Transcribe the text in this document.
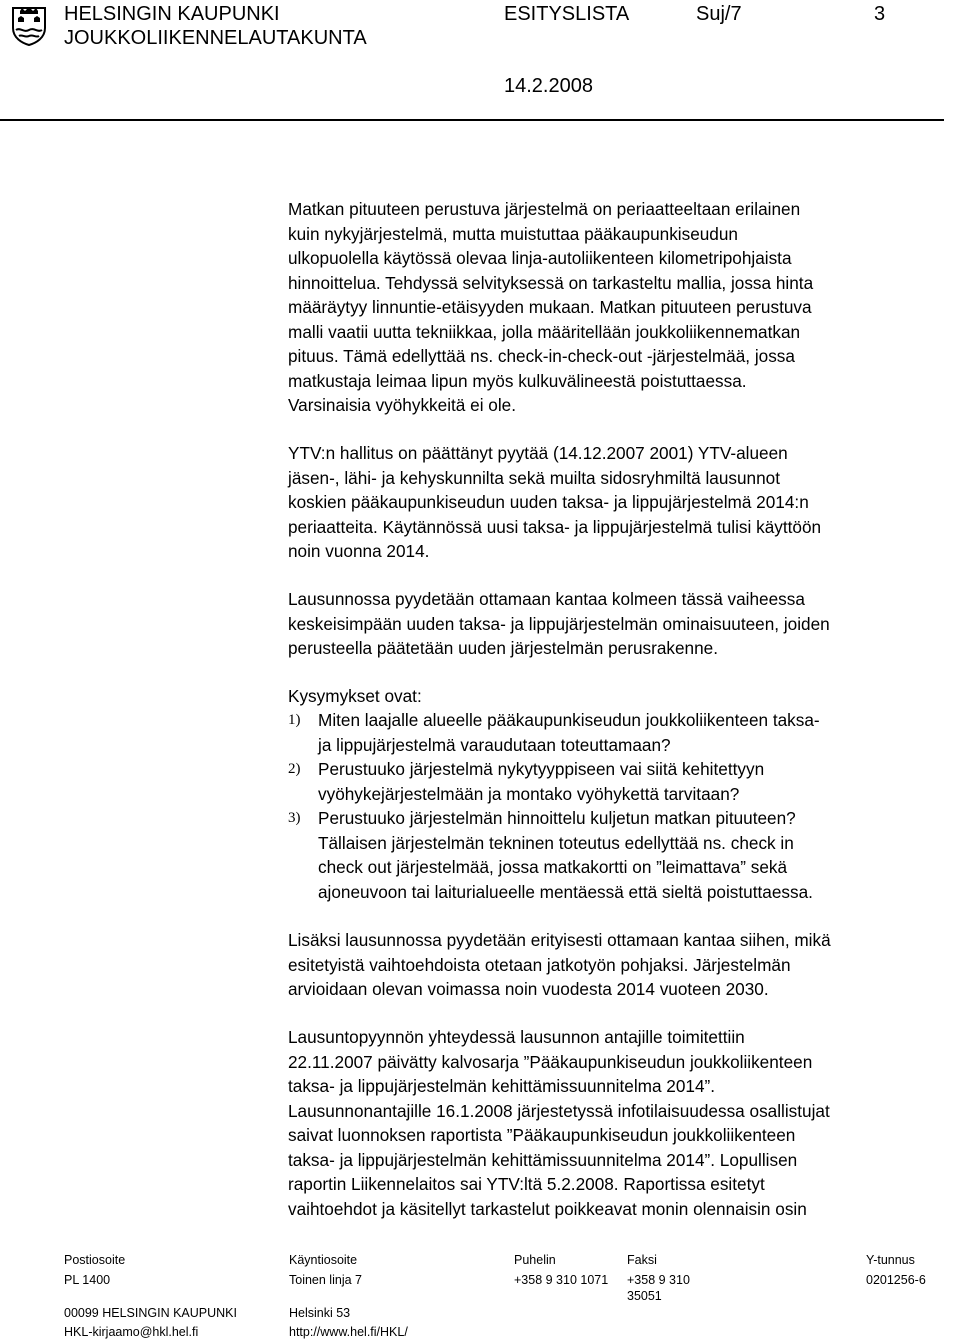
HELSINGIN KAUPUNKI
JOUKKOLIIKENNELAUTAKUNTA
ESITYSLISTA	Suj/7	3
14.2.2008
Matkan pituuteen perustuva järjestelmä on periaatteeltaan erilainen
kuin nykyjärjestelmä, mutta muistuttaa pääkaupunkiseudun
ulkopuolella käytössä olevaa linja-autoliikenteen kilometripohjaista
hinnoittelua. Tehdyssä selvityksessä on tarkasteltu mallia, jossa hinta
määräytyy linnuntie-etäisyyden mukaan. Matkan pituuteen perustuva
malli vaatii uutta tekniikkaa, jolla määritellään joukkoliikennematkan
pituus. Tämä edellyttää ns. check-in-check-out -järjestelmää, jossa
matkustaja leimaa lipun myös kulkuvälineestä poistuttaessa.
Varsinaisia vyöhykkeitä ei ole.
YTV:n hallitus on päättänyt pyytää (14.12.2007 2001) YTV-alueen
jäsen-, lähi- ja kehyskunnilta sekä muilta sidosryhmiltä lausunnot
koskien pääkaupunkiseudun uuden taksa- ja lippujärjestelmä 2014:n
periaatteita. Käytännössä uusi taksa- ja lippujärjestelmä tulisi käyttöön
noin vuonna 2014.
Lausunnossa pyydetään ottamaan kantaa kolmeen tässä vaiheessa
keskeisimpään uuden taksa- ja lippujärjestelmän ominaisuuteen, joiden
perusteella päätetään uuden järjestelmän perusrakenne.
Kysymykset ovat:
1) Miten laajalle alueelle pääkaupunkiseudun joukkoliikenteen taksa-
ja lippujärjestelmä varaudutaan toteuttamaan?
2) Perustuuko järjestelmä nykytyyppiseen vai siitä kehitettyyn
vyöhykejärjestelmään ja montako vyöhykettä tarvitaan?
3) Perustuuko järjestelmän hinnoittelu kuljetun matkan pituuteen?
Tällaisen järjestelmän tekninen toteutus edellyttää ns. check in
check out järjestelmää, jossa matkakortti on ”leimattava” sekä
ajoneuvoon tai laiturialueelle mentäessä että sieltä poistuttaessa.
Lisäksi lausunnossa pyydetään erityisesti ottamaan kantaa siihen, mikä
esitetyistä vaihtoehdoista otetaan jatkotyön pohjaksi. Järjestelmän
arvioidaan olevan voimassa noin vuodesta 2014 vuoteen 2030.
Lausuntopyynnön yhteydessä lausunnon antajille toimitettiin
22.11.2007 päivätty kalvosarja ”Pääkaupunkiseudun joukkoliikenteen
taksa- ja lippujärjestelmän kehittämissuunnitelma 2014”.
Lausunnonantajille 16.1.2008 järjestetyssä infotilaisuudessa osallistujat
saivat luonnoksen raportista ”Pääkaupunkiseudun joukkoliikenteen
taksa- ja lippujärjestelmän kehittämissuunnitelma 2014”. Lopullisen
raportin Liikennelaitos sai YTV:ltä 5.2.2008. Raportissa esitetyt
vaihtoehdot ja käsitellyt tarkastelut poikkeavat monin olennaisin osin
Postiosoite
PL 1400
00099 HELSINGIN KAUPUNKI
HKL-kirjaamo@hkl.hel.fi
Käyntiosoite
Toinen linja 7
Helsinki 53
http://www.hel.fi/HKL/
Puhelin
+358 9 310 1071
Faksi
+358 9 310
35051
Y-tunnus
0201256-6
